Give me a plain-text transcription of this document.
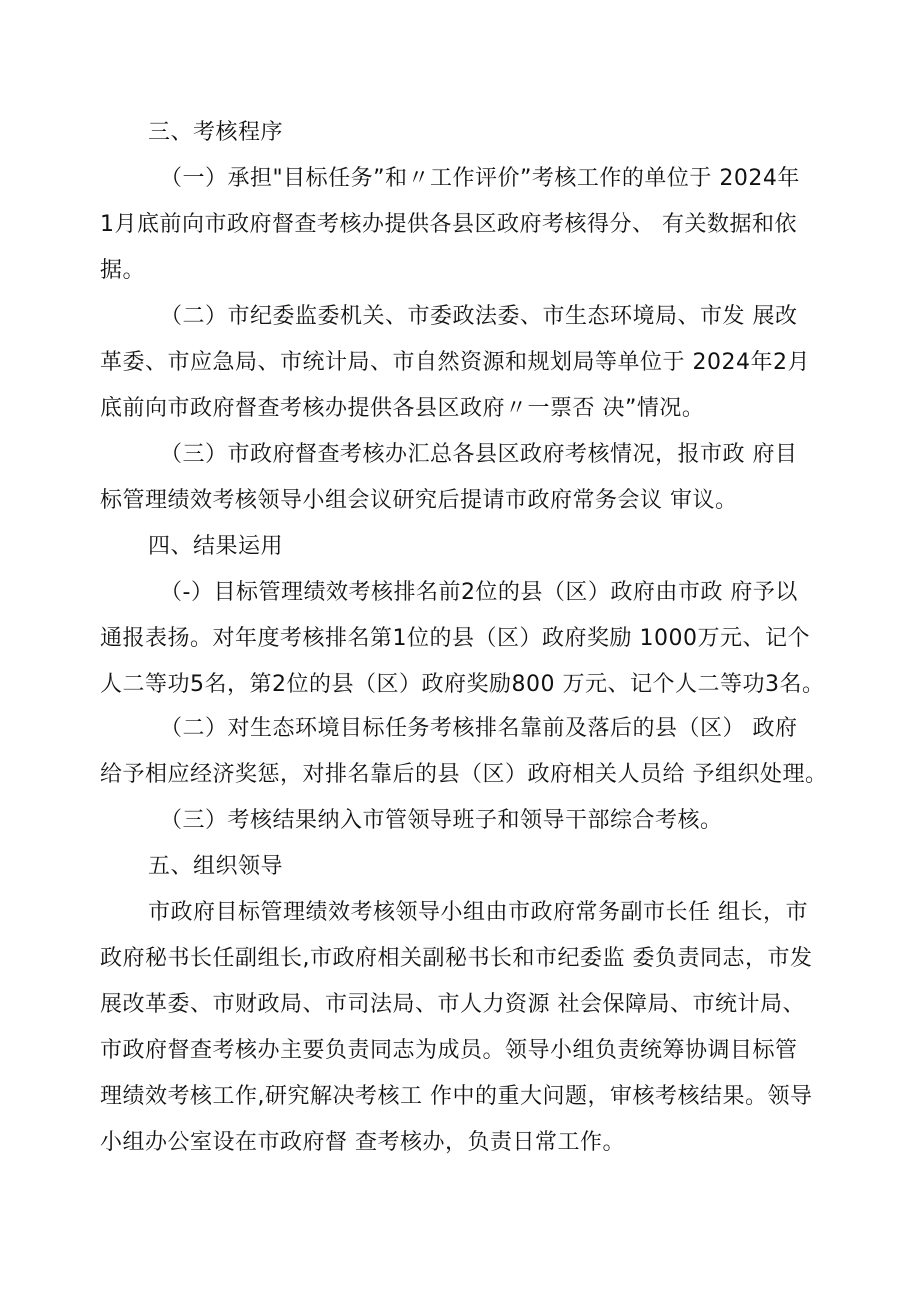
三、考核程序
（一）承担"目标任务”和〃工作评价”考核工作的单位于 2024年
1月底前向市政府督查考核办提供各县区政府考核得分、 有关数据和依
据。
（二）市纪委监委机关、市委政法委、市生态环境局、市发 展改
革委、市应急局、市统计局、市自然资源和规划局等单位于 2024年2月
底前向市政府督查考核办提供各县区政府〃一票否 决”情况。
（三）市政府督查考核办汇总各县区政府考核情况，报市政 府目
标管理绩效考核领导小组会议研究后提请市政府常务会议 审议。
四、结果运用
（-）目标管理绩效考核排名前2位的县（区）政府由市政 府予以
通报表扬。对年度考核排名第1位的县（区）政府奖励 1000万元、记个
人二等功5名，第2位的县（区）政府奖励800 万元、记个人二等功3名。
（二）对生态环境目标任务考核排名靠前及落后的县（区） 政府
给予相应经济奖惩，对排名靠后的县（区）政府相关人员给 予组织处理。
（三）考核结果纳入市管领导班子和领导干部综合考核。
五、组织领导
市政府目标管理绩效考核领导小组由市政府常务副市长任 组长，市
政府秘书长任副组长,市政府相关副秘书长和市纪委监 委负责同志，市发
展改革委、市财政局、市司法局、市人力资源 社会保障局、市统计局、
市政府督查考核办主要负责同志为成员。领导小组负责统筹协调目标管
理绩效考核工作,研究解决考核工 作中的重大问题，审核考核结果。领导
小组办公室设在市政府督 查考核办，负责日常工作。
